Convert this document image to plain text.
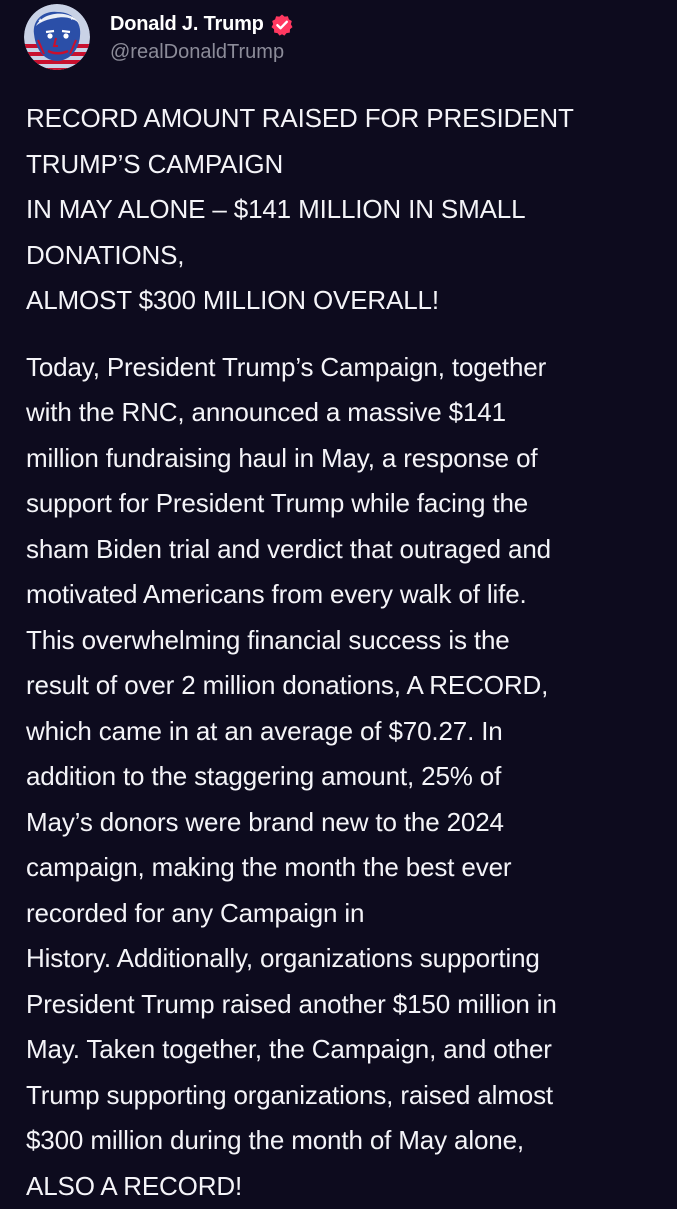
Donald J. Trump
@realDonaldTrump

RECORD AMOUNT RAISED FOR PRESIDENT

TRUMP’S CAMPAIGN

IN MAY ALONE – $141 MILLION IN SMALL

DONATIONS,

ALMOST $300 MILLION OVERALL!

Today, President Trump’s Campaign, together

with the RNC, announced a massive $141

million fundraising haul in May, a response of

support for President Trump while facing the

sham Biden trial and verdict that outraged and

motivated Americans from every walk of life.

This overwhelming financial success is the

result of over 2 million donations, A RECORD,

which came in at an average of $70.27. In

addition to the staggering amount, 25% of

May’s donors were brand new to the 2024

campaign, making the month the best ever

recorded for any Campaign in

History. Additionally, organizations supporting

President Trump raised another $150 million in

May. Taken together, the Campaign, and other

Trump supporting organizations, raised almost

$300 million during the month of May alone,

ALSO A RECORD!
